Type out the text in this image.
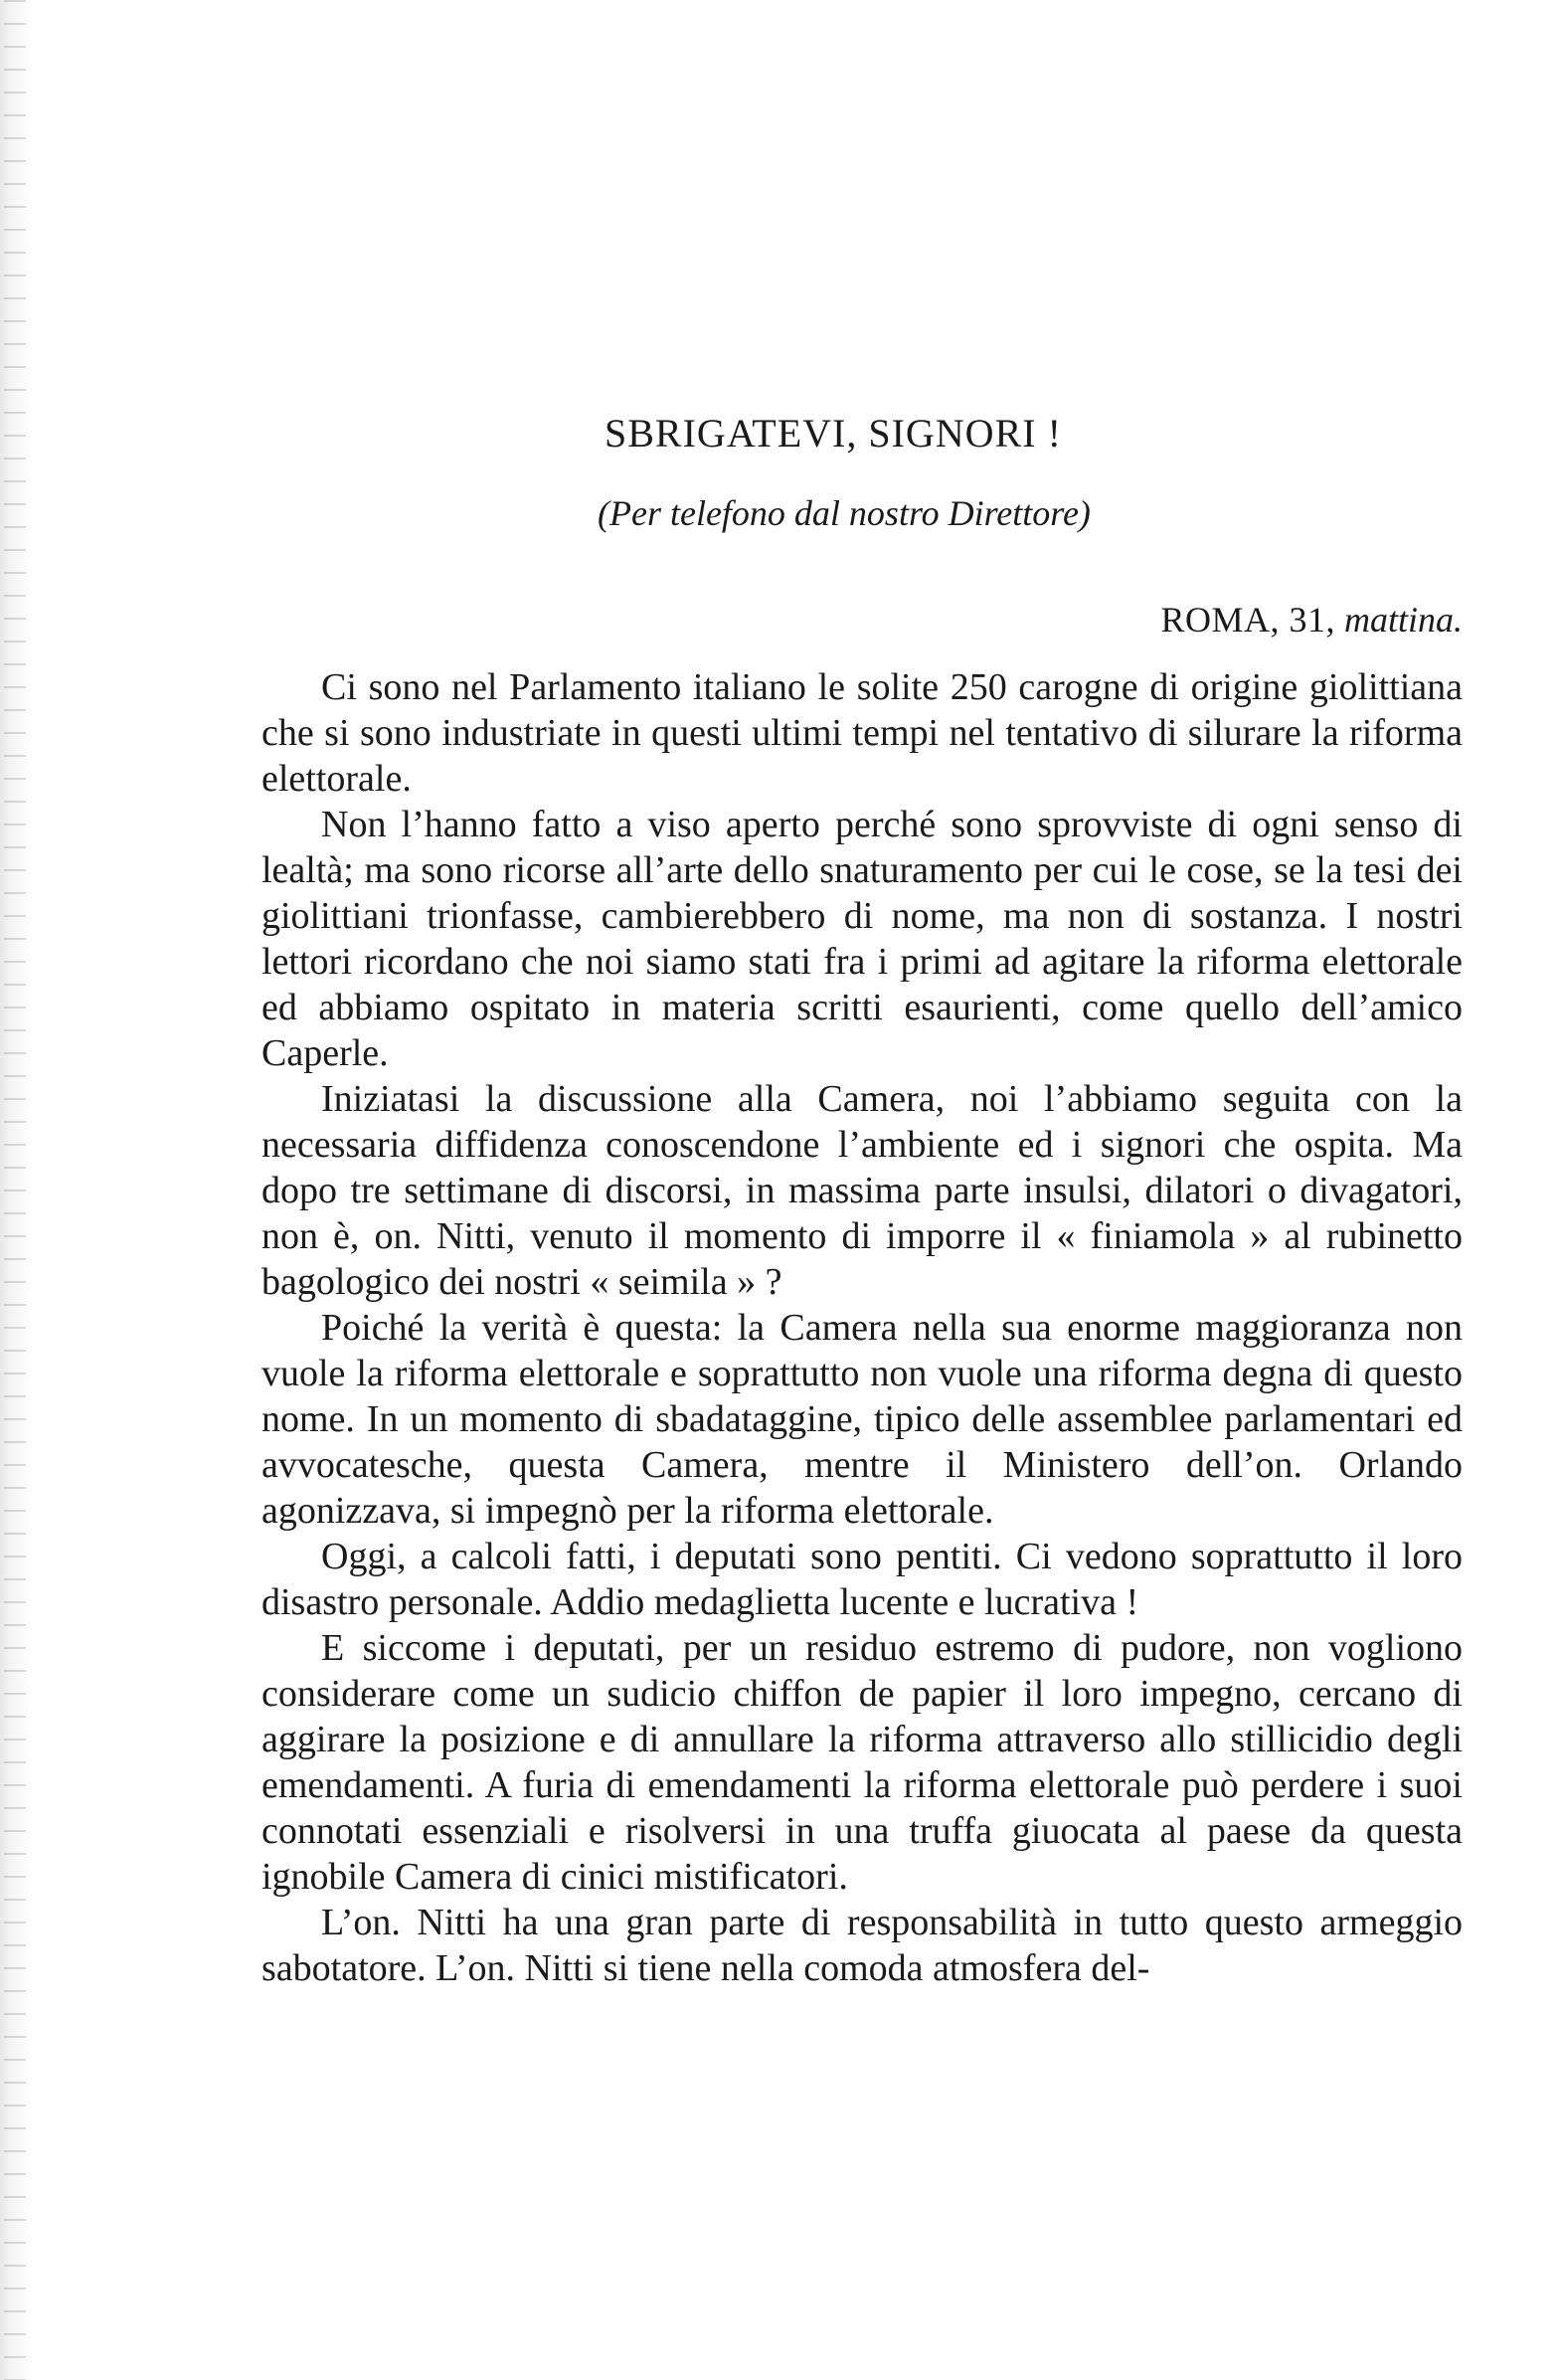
SBRIGATEVI, SIGNORI !
(Per telefono dal nostro Direttore)
ROMA, 31, mattina.

Ci sono nel Parlamento italiano le solite 250 carogne di origine giolittiana che si sono industriate in questi ultimi tempi nel tentativo di silurare la riforma elettorale.

Non l’hanno fatto a viso aperto perché sono sprovviste di ogni senso di lealtà; ma sono ricorse all’arte dello snaturamento per cui le cose, se la tesi dei giolittiani trionfasse, cambierebbero di nome, ma non di sostanza. I nostri lettori ricordano che noi siamo stati fra i primi ad agitare la riforma elettorale ed abbiamo ospitato in materia scritti esaurienti, come quello dell’amico Caperle.

Iniziatasi la discussione alla Camera, noi l’abbiamo seguita con la necessaria diffidenza conoscendone l’ambiente ed i signori che ospita. Ma dopo tre settimane di discorsi, in massima parte insulsi, dilatori o divagatori, non è, on. Nitti, venuto il momento di imporre il « finiamola » al rubinetto bagologico dei nostri « seimila » ?

Poiché la verità è questa: la Camera nella sua enorme maggioranza non vuole la riforma elettorale e soprattutto non vuole una riforma degna di questo nome. In un momento di sbadataggine, tipico delle assemblee parlamentari ed avvocatesche, questa Camera, mentre il Ministero dell’on. Orlando agonizzava, si impegnò per la riforma elettorale.

Oggi, a calcoli fatti, i deputati sono pentiti. Ci vedono soprattutto il loro disastro personale. Addio medaglietta lucente e lucrativa !

E siccome i deputati, per un residuo estremo di pudore, non vogliono considerare come un sudicio chiffon de papier il loro impegno, cercano di aggirare la posizione e di annullare la riforma attraverso allo stillicidio degli emendamenti. A furia di emendamenti la riforma elettorale può perdere i suoi connotati essenziali e risolversi in una truffa giuocata al paese da questa ignobile Camera di cinici mistificatori.

L’on. Nitti ha una gran parte di responsabilità in tutto questo armeggio sabotatore. L’on. Nitti si tiene nella comoda atmosfera del-
